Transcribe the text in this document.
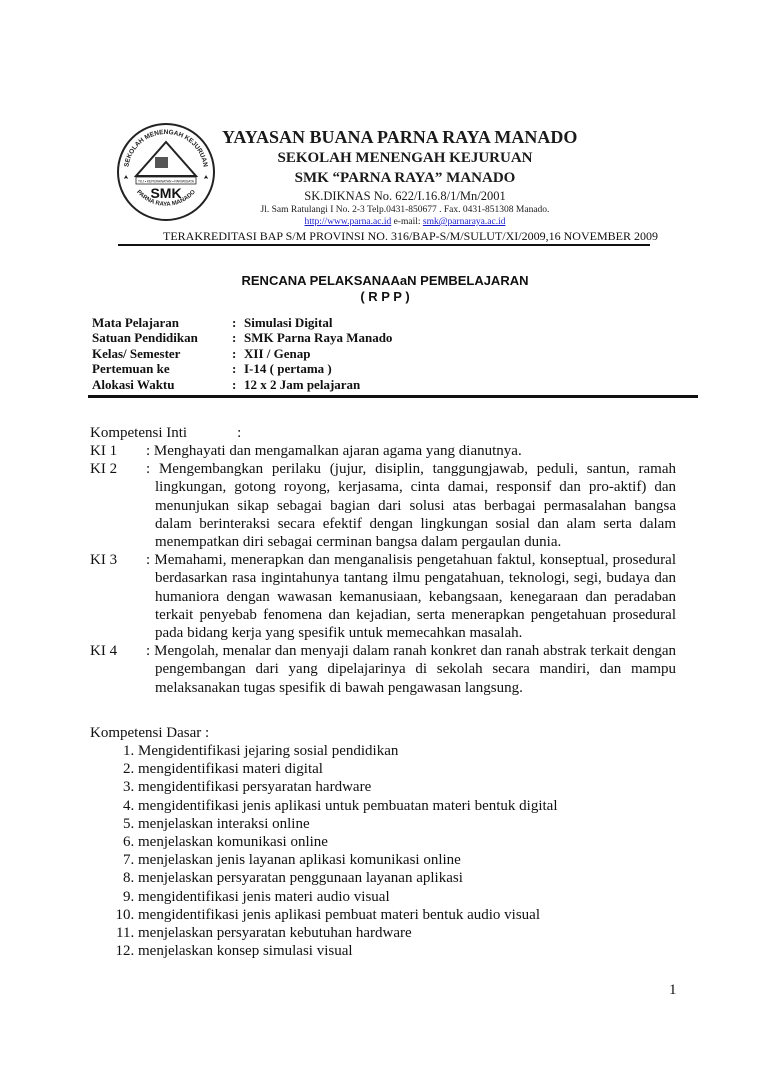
SEKOLAH MENENGAH KEJURUAN
TKJ • KEPERAWATAN • PARIWISATA
SMK
PARNA RAYA MANADO
YAYASAN BUANA PARNA RAYA MANADO
SEKOLAH MENENGAH KEJURUAN
SMK “PARNA RAYA” MANADO
SK.DIKNAS No. 622/I.16.8/1/Mn/2001
Jl. Sam Ratulangi I No. 2-3 Telp.0431-850677 . Fax. 0431-851308 Manado.
http://www.parna.ac.id e-mail: smk@parnaraya.ac.id
TERAKREDITASI BAP S/M PROVINSI NO. 316/BAP-S/M/SULUT/XI/2009,16 NOVEMBER 2009
RENCANA PELAKSANAAaN PEMBELAJARAN
( R P P )
Mata Pelajaran	: Simulasi Digital
Satuan Pendidikan	: SMK Parna Raya Manado
Kelas/ Semester	: XII / Genap
Pertemuan ke	: I-14 ( pertama )
Alokasi Waktu	: 12 x 2 Jam pelajaran
Kompetensi Inti	:
KI 1 : Menghayati dan mengamalkan ajaran agama yang dianutnya.
KI 2 : Mengembangkan perilaku (jujur, disiplin, tanggungjawab, peduli, santun, ramah lingkungan, gotong royong, kerjasama, cinta damai, responsif dan pro-aktif) dan menunjukan sikap sebagai bagian dari solusi atas berbagai permasalahan bangsa dalam berinteraksi secara efektif dengan lingkungan sosial dan alam serta dalam menempatkan diri sebagai cerminan bangsa dalam pergaulan dunia.
KI 3 : Memahami, menerapkan dan menganalisis pengetahuan faktul, konseptual, prosedural berdasarkan rasa ingintahunya tantang ilmu pengatahuan, teknologi, segi, budaya dan humaniora dengan wawasan kemanusiaan, kebangsaan, kenegaraan dan peradaban terkait penyebab fenomena dan kejadian, serta menerapkan pengetahuan prosedural pada bidang kerja yang spesifik untuk memecahkan masalah.
KI 4 : Mengolah, menalar dan menyaji dalam ranah konkret dan ranah abstrak terkait dengan pengembangan dari yang dipelajarinya di sekolah secara mandiri, dan mampu melaksanakan tugas spesifik di bawah pengawasan langsung.
Kompetensi Dasar :
1. Mengidentifikasi jejaring sosial pendidikan
2. mengidentifikasi materi digital
3. mengidentifikasi persyaratan hardware
4. mengidentifikasi jenis aplikasi untuk pembuatan materi bentuk digital
5. menjelaskan interaksi online
6. menjelaskan komunikasi online
7. menjelaskan jenis layanan aplikasi komunikasi online
8. menjelaskan persyaratan penggunaan layanan aplikasi
9. mengidentifikasi jenis materi audio visual
10. mengidentifikasi jenis aplikasi pembuat materi bentuk audio visual
11. menjelaskan persyaratan kebutuhan hardware
12. menjelaskan konsep simulasi visual
1
